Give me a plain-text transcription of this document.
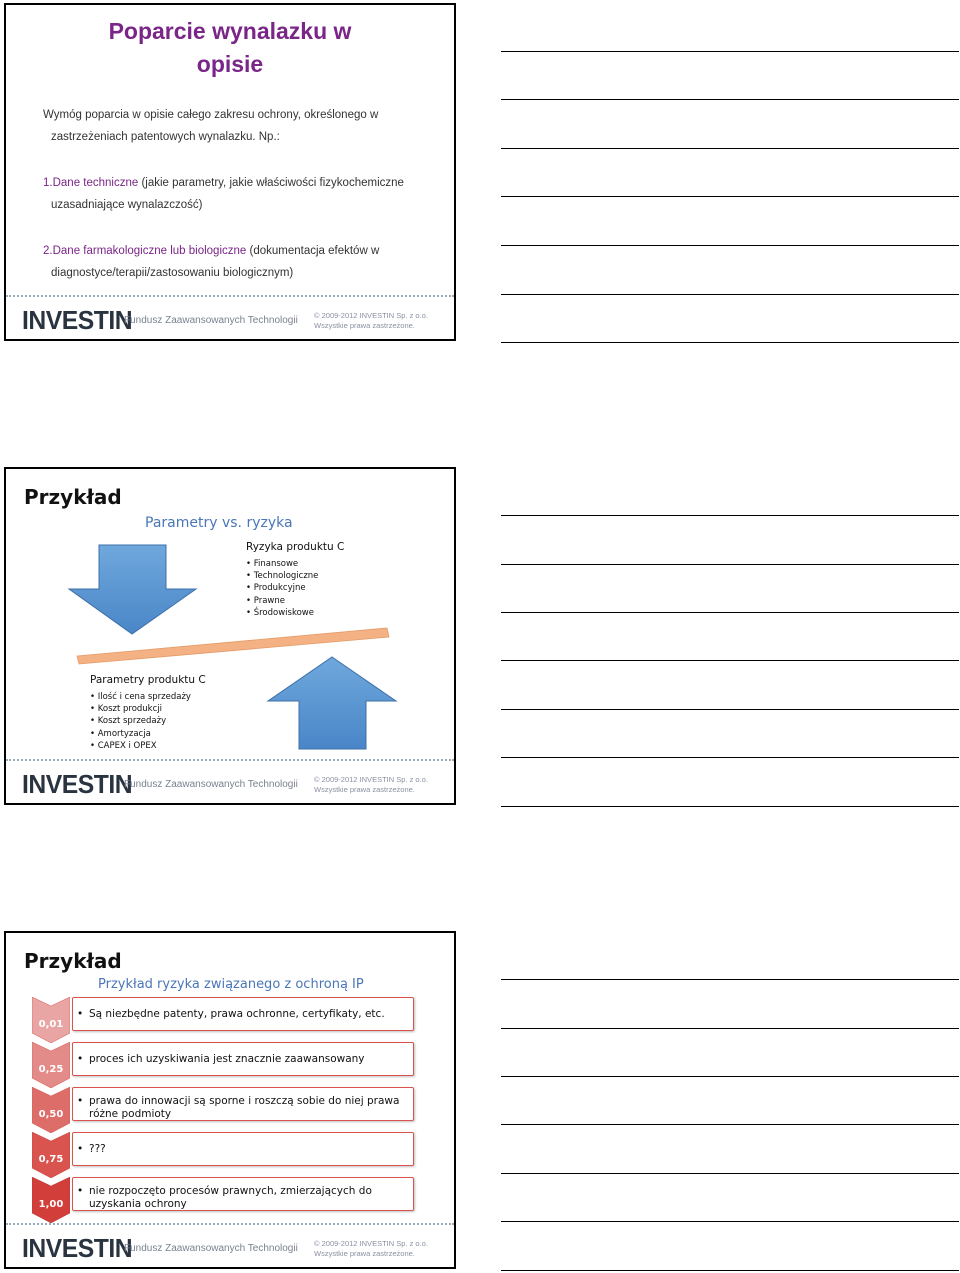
Poparcie wynalazku w
opisie
Wymóg poparcia w opisie całego zakresu ochrony, określonego w
zastrzeżeniach patentowych wynalazku. Np.:
1.Dane techniczne (jakie parametry, jakie właściwości fizykochemiczne
uzasadniające wynalazczość)
2.Dane farmakologiczne lub biologiczne (dokumentacja efektów w
diagnostyce/terapii/zastosowaniu biologicznym)
INVESTIN
Fundusz Zaawansowanych Technologii © 2009-2012 INVESTIN Sp. z o.o.
Wszystkie prawa zastrzeżone.
Przykład
Parametry vs. ryzyka
Ryzyka produktu C
• Finansowe
• Technologiczne
• Produkcyjne
• Prawne
• Środowiskowe
Parametry produktu C
• Ilość i cena sprzedaży
• Koszt produkcji
• Koszt sprzedaży
• Amortyzacja
• CAPEX i OPEX
INVESTIN
Fundusz Zaawansowanych Technologii © 2009-2012 INVESTIN Sp. z o.o.
Wszystkie prawa zastrzeżone.
Przykład
Przykład ryzyka związanego z ochroną IP
0,01
• Są niezbędne patenty, prawa ochronne, certyfikaty, etc.
0,25
• proces ich uzyskiwania jest znacznie zaawansowany
0,50
• prawa do innowacji są sporne i roszczą sobie do niej prawa różne podmioty
0,75
• ???
1,00
• nie rozpoczęto procesów prawnych, zmierzających do uzyskania ochrony
INVESTIN
Fundusz Zaawansowanych Technologii © 2009-2012 INVESTIN Sp. z o.o.
Wszystkie prawa zastrzeżone.
